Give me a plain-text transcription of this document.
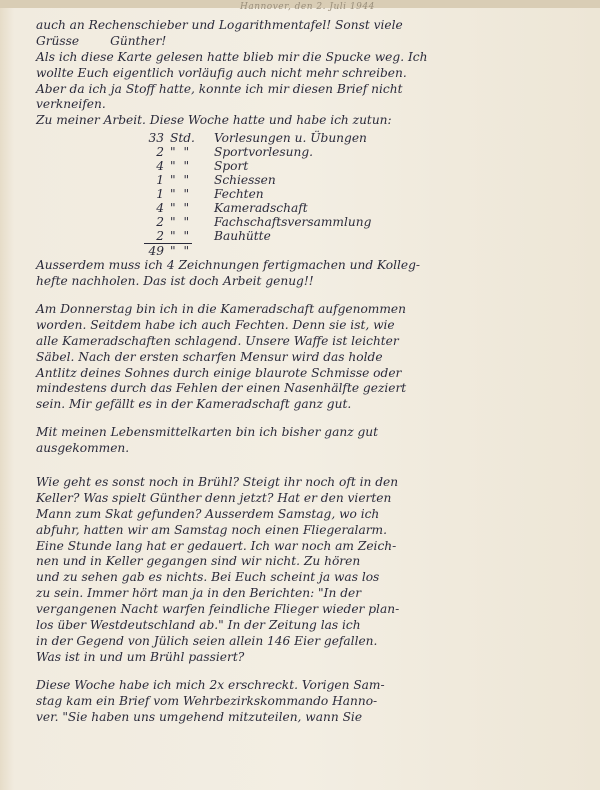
Hannover, den 2. Juli 1944
auch an Rechenschieber und Logarithmentafel! Sonst viele
Grüsse        Günther!
Als ich diese Karte gelesen hatte blieb mir die Spucke weg. Ich
wollte Euch eigentlich vorläufig auch nicht mehr schreiben.
Aber da ich ja Stoff hatte, konnte ich mir diesen Brief nicht
verkneifen.
Zu meiner Arbeit. Diese Woche hatte und habe ich zutun:
33 Std. Vorlesungen u. Übungen
2 " " Sportvorlesung.
4 " " Sport
1 " " Schiessen
1 " " Fechten
4 " " Kameradschaft
2 " " Fachschaftsversammlung
2 " " Bauhütte
49 " "
Ausserdem muss ich 4 Zeichnungen fertigmachen und Kolleg-
hefte nachholen. Das ist doch Arbeit genug!!
Am Donnerstag bin ich in die Kameradschaft aufgenommen
worden. Seitdem habe ich auch Fechten. Denn sie ist, wie
alle Kameradschaften schlagend. Unsere Waffe ist leichter
Säbel. Nach der ersten scharfen Mensur wird das holde
Antlitz deines Sohnes durch einige blaurote Schmisse oder
mindestens durch das Fehlen der einen Nasenhälfte geziert
sein. Mir gefällt es in der Kameradschaft ganz gut.
Mit meinen Lebensmittelkarten bin ich bisher ganz gut
ausgekommen.
Wie geht es sonst noch in Brühl? Steigt ihr noch oft in den
Keller? Was spielt Günther denn jetzt? Hat er den vierten
Mann zum Skat gefunden? Ausserdem Samstag, wo ich
abfuhr, hatten wir am Samstag noch einen Fliegeralarm.
Eine Stunde lang hat er gedauert. Ich war noch am Zeich-
nen und in Keller gegangen sind wir nicht. Zu hören
und zu sehen gab es nichts. Bei Euch scheint ja was los
zu sein. Immer hört man ja in den Berichten: "In der
vergangenen Nacht warfen feindliche Flieger wieder plan-
los über Westdeutschland ab." In der Zeitung las ich
in der Gegend von Jülich seien allein 146 Eier gefallen.
Was ist in und um Brühl passiert?
Diese Woche habe ich mich 2x erschreckt. Vorigen Sam-
stag kam ein Brief vom Wehrbezirkskommando Hanno-
ver. "Sie haben uns umgehend mitzuteilen, wann Sie
